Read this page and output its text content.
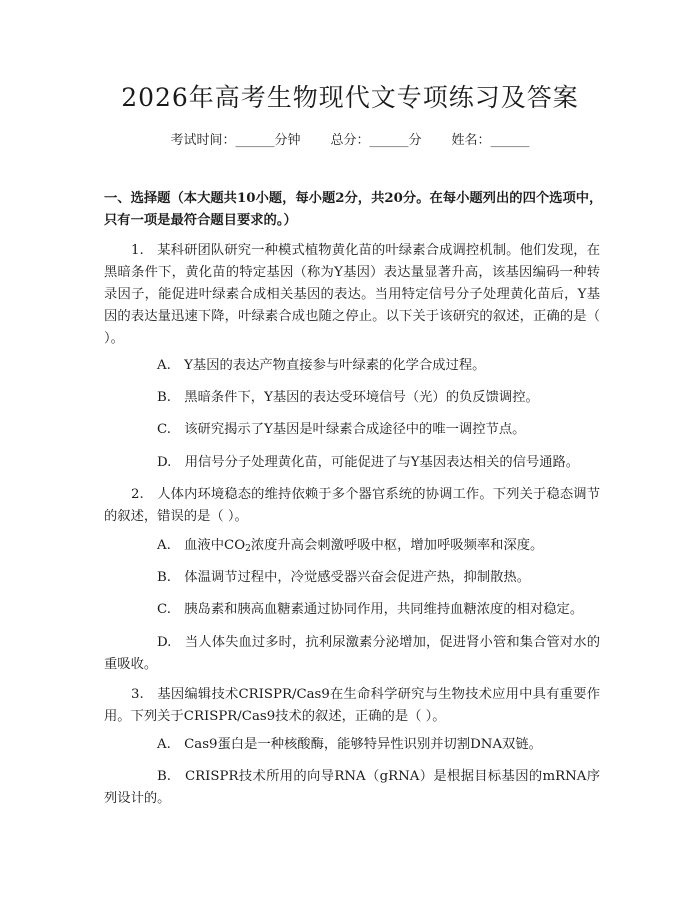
2026年高考生物现代文专项练习及答案
考试时间：______分钟 总分：______分 姓名：______
一、选择题（本大题共10小题，每小题2分，共20分。在每小题列出的四个选项中，只有一项是最符合题目要求的。）
1.　某科研团队研究一种模式植物黄化苗的叶绿素合成调控机制。他们发现，在黑暗条件下，黄化苗的特定基因（称为Y基因）表达量显著升高，该基因编码一种转录因子，能促进叶绿素合成相关基因的表达。当用特定信号分子处理黄化苗后，Y基因的表达量迅速下降，叶绿素合成也随之停止。以下关于该研究的叙述，正确的是（ ）。
A.　Y基因的表达产物直接参与叶绿素的化学合成过程。
B.　黑暗条件下，Y基因的表达受环境信号（光）的负反馈调控。
C.　该研究揭示了Y基因是叶绿素合成途径中的唯一调控节点。
D.　用信号分子处理黄化苗，可能促进了与Y基因表达相关的信号通路。
2.　人体内环境稳态的维持依赖于多个器官系统的协调工作。下列关于稳态调节的叙述，错误的是（ ）。
A.　血液中$CO_2$浓度升高会刺激呼吸中枢，增加呼吸频率和深度。
B.　体温调节过程中，冷觉感受器兴奋会促进产热，抑制散热。
C.　胰岛素和胰高血糖素通过协同作用，共同维持血糖浓度的相对稳定。
D.　当人体失血过多时，抗利尿激素分泌增加，促进肾小管和集合管对水的重吸收。
3.　基因编辑技术CRISPR/Cas9在生命科学研究与生物技术应用中具有重要作用。下列关于CRISPR/Cas9技术的叙述，正确的是（ ）。
A.　Cas9蛋白是一种核酸酶，能够特异性识别并切割DNA双链。
B.　CRISPR技术所用的向导RNA（gRNA）是根据目标基因的mRNA序列设计的。
